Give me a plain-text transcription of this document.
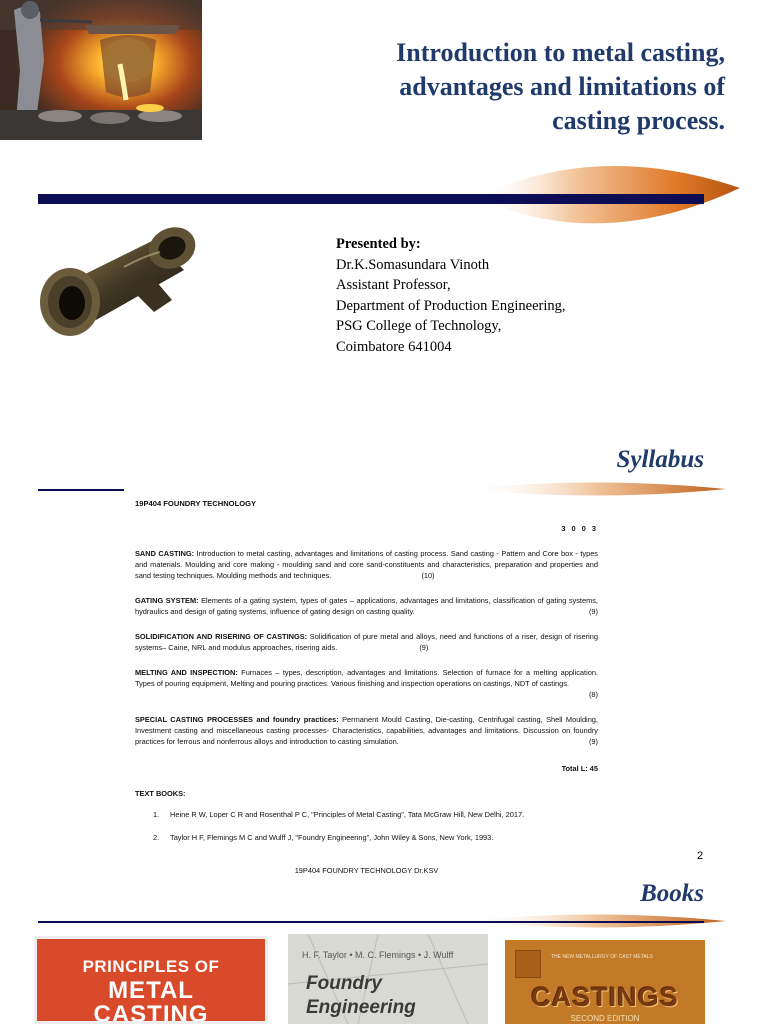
Introduction to metal casting,
advantages and limitations of
casting process.
Presented by:
Dr.K.Somasundara Vinoth
Assistant Professor,
Department of Production Engineering,
PSG College of Technology,
Coimbatore 641004
Syllabus
19P404 FOUNDRY TECHNOLOGY
3 0 0 3
SAND CASTING: Introduction to metal casting, advantages and limitations of casting process. Sand casting - Pattern and Core box - types and materials. Moulding and core making - moulding sand and core sand-constituents and characteristics, preparation and properties and sand testing techniques. Moulding methods and techniques.	(10)
GATING SYSTEM: Elements of a gating system, types of gates – applications, advantages and limitations, classification of gating systems, hydraulics and design of gating systems, influence of gating design on casting quality.	(9)
SOLIDIFICATION AND RISERING OF CASTINGS: Solidification of pure metal and alloys, need and functions of a riser, design of risering systems– Caine, NRL and modulus approaches, risering aids.	(9)
MELTING AND INSPECTION: Furnaces – types, description, advantages and limitations. Selection of furnace for a melting application. Types of pouring equipment, Melting and pouring practices. Various finishing and inspection operations on castings, NDT of castings.
(8)
SPECIAL CASTING PROCESSES and foundry practices: Permanent Mould Casting, Die-casting, Centrifugal casting, Shell Moulding, Investment casting and miscellaneous casting processes- Characteristics, capabilities, advantages and limitations. Discussion on foundry practices for ferrous and nonferrous alloys and introduction to casting simulation.	(9)
Total L: 45
TEXT BOOKS:
1. Heine R W, Loper C R and Rosenthal P C, "Principles of Metal Casting", Tata McGraw Hill, New Delhi, 2017.
2. Taylor H F, Flemings M C and Wulff J, "Foundry Engineering", John Wiley & Sons, New York, 1993.
19P404 FOUNDRY TECHNOLOGY Dr.KSV
2
Books
PRINCIPLES OF
METAL
CASTING
H. F. Taylor • M. C. Flemings • J. Wulff
Foundry
Engineering
THE NEW METALLURGY OF CAST METALS
CASTINGS
SECOND EDITION
